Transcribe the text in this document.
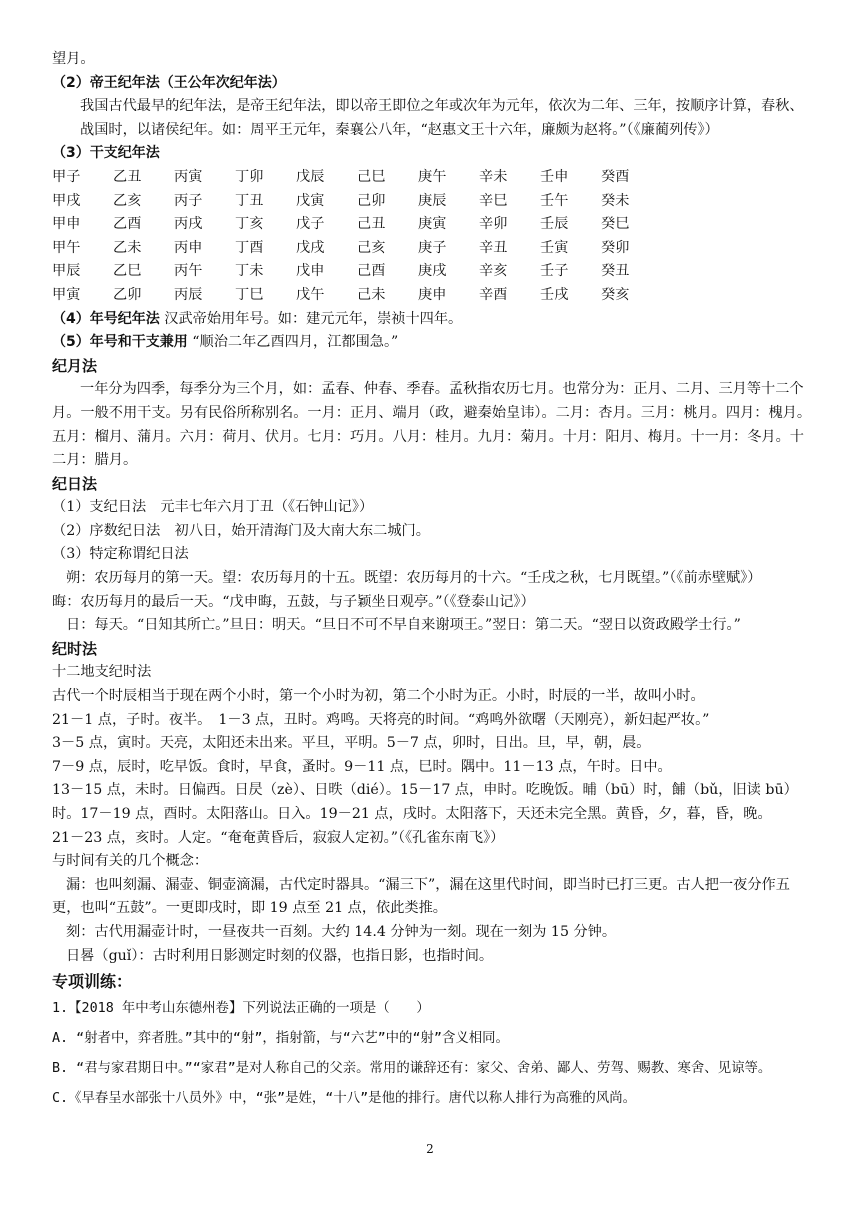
望月。
（2）帝王纪年法（王公年次纪年法）
我国古代最早的纪年法，是帝王纪年法，即以帝王即位之年或次年为元年，依次为二年、三年，按顺序计算，春秋、战国时，以诸侯纪年。如：周平王元年，秦襄公八年，“赵惠文王十六年，廉颇为赵将。”（《廉蔺列传》）
（3）干支纪年法
甲子	乙丑	丙寅	丁卯	戊辰	己巳	庚午	辛未	壬申	癸酉
甲戌	乙亥	丙子	丁丑	戊寅	己卯	庚辰	辛巳	壬午	癸未
甲申	乙酉	丙戌	丁亥	戊子	己丑	庚寅	辛卯	壬辰	癸巳
甲午	乙未	丙申	丁酉	戊戌	己亥	庚子	辛丑	壬寅	癸卯
甲辰	乙巳	丙午	丁未	戊申	己酉	庚戌	辛亥	壬子	癸丑
甲寅	乙卯	丙辰	丁巳	戊午	己未	庚申	辛酉	壬戌	癸亥
（4）年号纪年法 汉武帝始用年号。如：建元元年，崇祯十四年。
（5）年号和干支兼用 “顺治二年乙酉四月，江都围急。”
纪月法
一年分为四季，每季分为三个月，如：孟春、仲春、季春。孟秋指农历七月。也常分为：正月、二月、三月等十二个月。一般不用干支。另有民俗所称别名。一月：正月、端月（政，避秦始皇讳）。二月：杏月。三月：桃月。四月：槐月。五月：榴月、蒲月。六月：荷月、伏月。七月：巧月。八月：桂月。九月：菊月。十月：阳月、梅月。十一月：冬月。十二月：腊月。
纪日法
（1）支纪日法　元丰七年六月丁丑（《石钟山记》）
（2）序数纪日法　初八日，始开清海门及大南大东二城门。
（3）特定称谓纪日法
朔：农历每月的第一天。望：农历每月的十五。既望：农历每月的十六。“壬戌之秋，七月既望。”（《前赤壁赋》）
晦：农历每月的最后一天。“戊申晦，五鼓，与子颖坐日观亭。”（《登泰山记》）
日：每天。“日知其所亡。”旦日：明天。“旦日不可不早自来谢项王。”翌日：第二天。“翌日以资政殿学士行。”
纪时法
十二地支纪时法
古代一个时辰相当于现在两个小时，第一个小时为初，第二个小时为正。小时，时辰的一半，故叫小时。
21－1 点，子时。夜半。　1－3 点，丑时。鸡鸣。天将亮的时间。“鸡鸣外欲曙（天刚亮），新妇起严妆。”
3－5 点，寅时。天亮，太阳还未出来。平旦，平明。5－7 点，卯时，日出。旦，早，朝，晨。
7－9 点，辰时，吃早饭。食时，早食，蚤时。9－11 点，巳时。隅中。11－13 点，午时。日中。
13－15 点，未时。日偏西。日昃（zè）、日昳（dié）。15－17 点，申时。吃晚饭。晡（bū）时，餔（bǔ，旧读 bū）时。17－19 点，酉时。太阳落山。日入。19－21 点，戌时。太阳落下，天还未完全黑。黄昏，夕，暮，昏，晚。
21－23 点，亥时。人定。“奄奄黄昏后，寂寂人定初。”（《孔雀东南飞》）
与时间有关的几个概念：
漏：也叫刻漏、漏壶、铜壶滴漏，古代定时器具。“漏三下”，漏在这里代时间，即当时已打三更。古人把一夜分作五更，也叫“五鼓”。一更即戌时，即 19 点至 21 点，依此类推。
刻：古代用漏壶计时，一昼夜共一百刻。大约 14.4 分钟为一刻。现在一刻为 15 分钟。
日晷（guǐ）：古时利用日影测定时刻的仪器，也指日影，也指时间。
专项训练：
1.【2018 年中考山东德州卷】下列说法正确的一项是（　　）
A. “射者中，弈者胜。”其中的“射”，指射箭，与“六艺”中的“射”含义相同。
B. “君与家君期日中。”“家君”是对人称自己的父亲。常用的谦辞还有：家父、舍弟、鄙人、劳驾、赐教、寒舍、见谅等。
C.《早春呈水部张十八员外》中，“张”是姓，“十八”是他的排行。唐代以称人排行为高雅的风尚。
2
